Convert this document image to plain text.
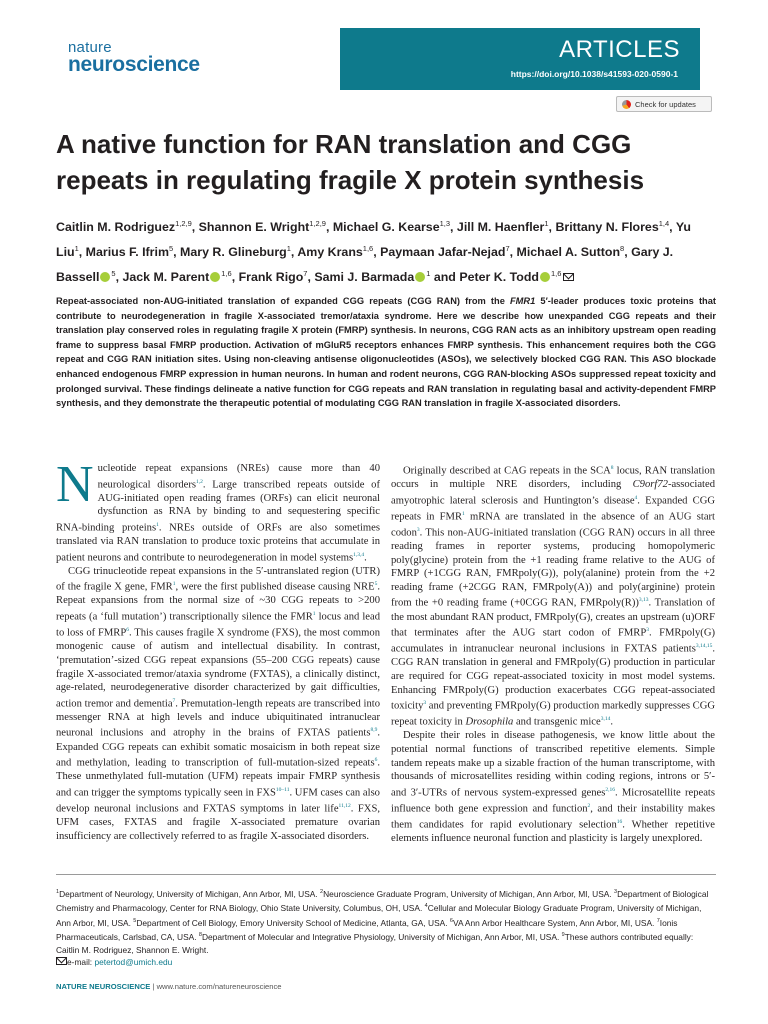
nature
neuroscience
ARTICLES
https://doi.org/10.1038/s41593-020-0590-1
Check for updates
A native function for RAN translation and CGG repeats in regulating fragile X protein synthesis
Caitlin M. Rodriguez$^{1,2,9}$, Shannon E. Wright$^{1,2,9}$, Michael G. Kearse$^{1,3}$, Jill M. Haenfler$^1$, Brittany N. Flores$^{1,4}$, Yu Liu$^1$, Marius F. Ifrim$^5$, Mary R. Glineburg$^1$, Amy Krans$^{1,6}$, Paymaan Jafar-Nejad$^7$, Michael A. Sutton$^8$, Gary J. Bassell $^5$, Jack M. Parent $^{1,6}$, Frank Rigo$^7$, Sami J. Barmada $^1$ and Peter K. Todd $^{1,6}$
Repeat-associated non-AUG-initiated translation of expanded CGG repeats (CGG RAN) from the FMR1 5′-leader produces toxic proteins that contribute to neurodegeneration in fragile X-associated tremor/ataxia syndrome. Here we describe how unexpanded CGG repeats and their translation play conserved roles in regulating fragile X protein (FMRP) synthesis. In neurons, CGG RAN acts as an inhibitory upstream open reading frame to suppress basal FMRP production. Activation of mGluR5 receptors enhances FMRP synthesis. This enhancement requires both the CGG repeat and CGG RAN initiation sites. Using non-cleaving antisense oligonucleotides (ASOs), we selectively blocked CGG RAN. This ASO blockade enhanced endogenous FMRP expression in human neurons. In human and rodent neurons, CGG RAN-blocking ASOs suppressed repeat toxicity and prolonged survival. These findings delineate a native function for CGG repeats and RAN translation in regulating basal and activity-dependent FMRP synthesis, and they demonstrate the therapeutic potential of modulating CGG RAN translation in fragile X-associated disorders.
N ucleotide repeat expansions (NREs) cause more than 40 neurological disorders$^{1,2}$. Large transcribed repeats outside of AUG-initiated open reading frames (ORFs) can elicit neuronal dysfunction as RNA by binding to and sequestering specific RNA-binding proteins$^1$. NREs outside of ORFs are also sometimes translated via RAN translation to produce toxic proteins that accumulate in patient neurons and contribute to neurodegeneration in model systems$^{1,3,4}$.

CGG trinucleotide repeat expansions in the 5′-untranslated region (UTR) of the fragile X gene, FMR$^1$, were the first published disease causing NRE$^5$. Repeat expansions from the normal size of ~30 CGG repeats to >200 repeats (a ‘full mutation’) transcriptionally silence the FMR$^1$ locus and lead to loss of FMRP$^6$. This causes fragile X syndrome (FXS), the most common monogenic cause of autism and intellectual disability. In contrast, ‘premutation’-sized CGG repeat expansions (55–200 CGG repeats) cause fragile X-associated tremor/ataxia syndrome (FXTAS), a clinically distinct, age-related, neurodegenerative disorder characterized by gait difficulties, action tremor and dementia$^7$. Premutation-length repeats are transcribed into messenger RNA at high levels and induce ubiquitinated intranuclear neuronal inclusions and atrophy in the brains of FXTAS patients$^{8,9}$. Expanded CGG repeats can exhibit somatic mosaicism in both repeat size and methylation, leading to transcription of full-mutation-sized repeats$^6$. These unmethylated full-mutation (UFM) repeats impair FMRP synthesis and can trigger the symptoms typically seen in FXS$^{10-11}$. UFM cases can also develop neuronal inclusions and FXTAS symptoms in later life$^{11,12}$. FXS, UFM cases, FXTAS and fragile X-associated premature ovarian insufficiency are collectively referred to as fragile X-associated disorders.

Originally described at CAG repeats in the SCA$^8$ locus, RAN translation occurs in multiple NRE disorders, including C9orf72-associated amyotrophic lateral sclerosis and Huntington’s disease$^4$. Expanded CGG repeats in FMR$^1$ mRNA are translated in the absence of an AUG start codon$^3$. This non-AUG-initiated translation (CGG RAN) occurs in all three reading frames in reporter systems, producing homopolymeric poly(glycine) protein from the +1 reading frame relative to the AUG of FMRP (+1CGG RAN, FMRpoly(G)), poly(alanine) protein from the +2 reading frame (+2CGG RAN, FMRpoly(A)) and poly(arginine) protein from the +0 reading frame (+0CGG RAN, FMRpoly(R))$^{3,13}$. Translation of the most abundant RAN product, FMRpoly(G), creates an upstream (u)ORF that terminates after the AUG start codon of FMRP$^3$. FMRpoly(G) accumulates in intranuclear neuronal inclusions in FXTAS patients$^{3,14,15}$. CGG RAN translation in general and FMRpoly(G) production in particular are required for CGG repeat-associated toxicity in most model systems. Enhancing FMRpoly(G) production exacerbates CGG repeat-associated toxicity$^3$ and preventing FMRpoly(G) production markedly suppresses CGG repeat toxicity in Drosophila and transgenic mice$^{3,14}$.

Despite their roles in disease pathogenesis, we know little about the potential normal functions of transcribed repetitive elements. Simple tandem repeats make up a sizable fraction of the human transcriptome, with thousands of microsatellites residing within coding regions, introns or 5′- and 3′-UTRs of nervous system-expressed genes$^{2,16}$. Microsatellite repeats influence both gene expression and function$^2$, and their instability makes them candidates for rapid evolutionary selection$^{16}$. Whether repetitive elements influence neuronal function and plasticity is largely unexplored.

$^1$Department of Neurology, University of Michigan, Ann Arbor, MI, USA. $^2$Neuroscience Graduate Program, University of Michigan, Ann Arbor, MI, USA. $^3$Department of Biological Chemistry and Pharmacology, Center for RNA Biology, Ohio State University, Columbus, OH, USA. $^4$Cellular and Molecular Biology Graduate Program, University of Michigan, Ann Arbor, MI, USA. $^5$Department of Cell Biology, Emory University School of Medicine, Atlanta, GA, USA. $^6$VA Ann Arbor Healthcare System, Ann Arbor, MI, USA. $^7$Ionis Pharmaceuticals, Carlsbad, CA, USA. $^8$Department of Molecular and Integrative Physiology, University of Michigan, Ann Arbor, MI, USA. $^9$These authors contributed equally: Caitlin M. Rodriguez, Shannon E. Wright.
e-mail: petertod@umich.edu
NATURE NEUROSCIENCE | www.nature.com/natureneuroscience
